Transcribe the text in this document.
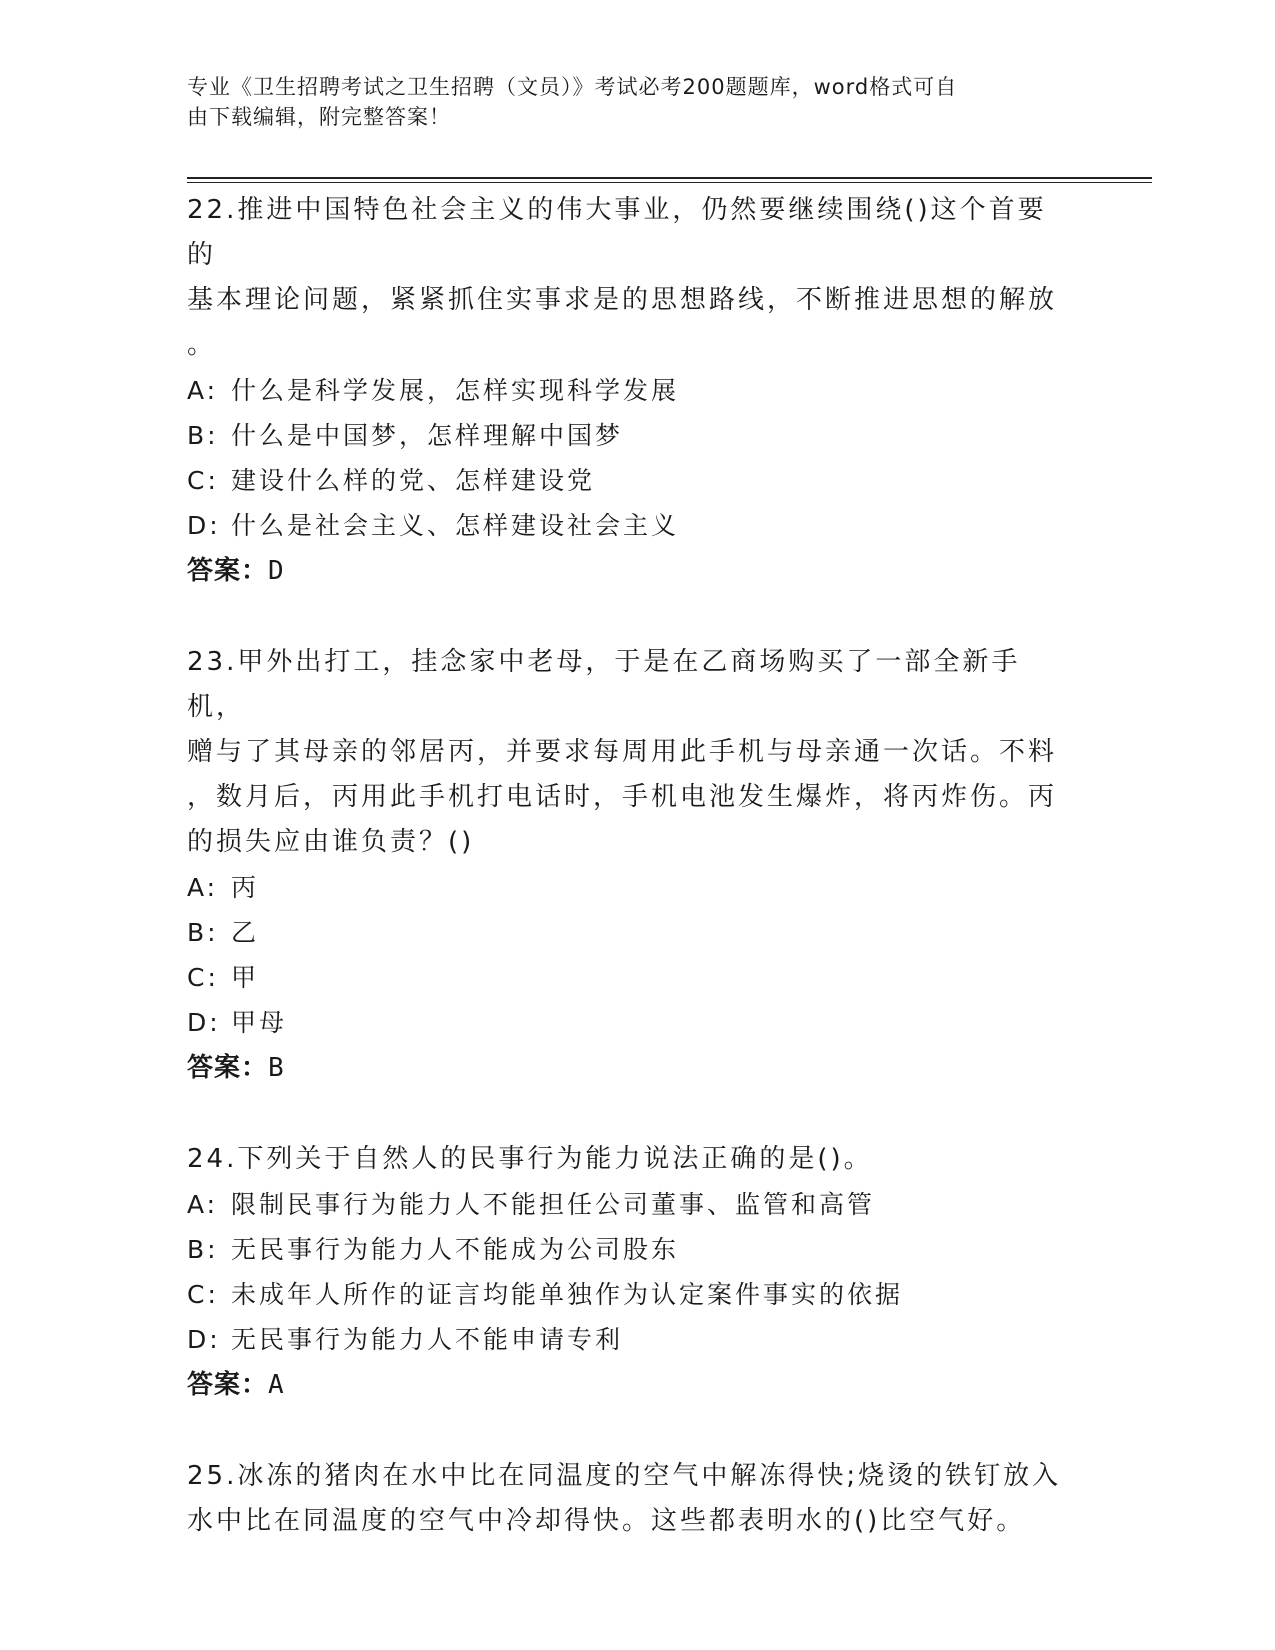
专业《卫生招聘考试之卫生招聘（文员）》考试必考200题题库，word格式可自
由下载编辑，附完整答案！
22.推进中国特色社会主义的伟大事业，仍然要继续围绕()这个首要的
基本理论问题，紧紧抓住实事求是的思想路线，不断推进思想的解放
。
A: 什么是科学发展，怎样实现科学发展
B: 什么是中国梦，怎样理解中国梦
C: 建设什么样的党、怎样建设党
D: 什么是社会主义、怎样建设社会主义
答案：D
23.甲外出打工，挂念家中老母，于是在乙商场购买了一部全新手机，
赠与了其母亲的邻居丙，并要求每周用此手机与母亲通一次话。不料
，数月后，丙用此手机打电话时，手机电池发生爆炸，将丙炸伤。丙
的损失应由谁负责？()
A: 丙
B: 乙
C: 甲
D: 甲母
答案：B
24.下列关于自然人的民事行为能力说法正确的是()。
A: 限制民事行为能力人不能担任公司董事、监管和高管
B: 无民事行为能力人不能成为公司股东
C: 未成年人所作的证言均能单独作为认定案件事实的依据
D: 无民事行为能力人不能申请专利
答案：A
25.冰冻的猪肉在水中比在同温度的空气中解冻得快;烧烫的铁钉放入
水中比在同温度的空气中冷却得快。这些都表明水的()比空气好。
